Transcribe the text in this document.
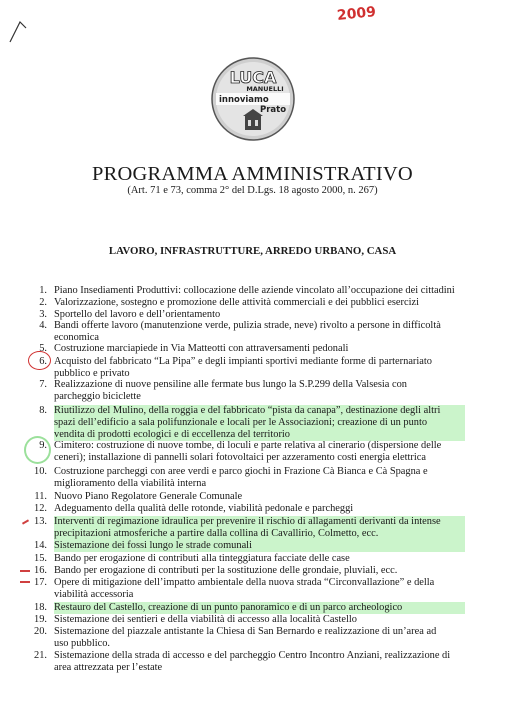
2009
LUCA
MANUELLI
innoviamo
Prato
PROGRAMMA AMMINISTRATIVO
(Art. 71 e 73, comma 2° del D.Lgs. 18 agosto 2000, n. 267)
LAVORO, INFRASTRUTTURE, ARREDO URBANO, CASA
1. Piano Insediamenti Produttivi: collocazione delle aziende vincolato all’occupazione dei cittadini
2. Valorizzazione, sostegno e promozione delle attività commerciali e dei pubblici esercizi
3. Sportello del lavoro e dell’orientamento
4. Bandi offerte lavoro (manutenzione verde, pulizia strade, neve) rivolto a persone in difficoltà
economica
5. Costruzione marciapiede in Via Matteotti con attraversamenti pedonali
6. Acquisto del fabbricato “La Pipa” e degli impianti sportivi mediante forme di parternariato
pubblico e privato
7. Realizzazione di nuove pensiline alle fermate bus lungo la S.P.299 della Valsesia con
parcheggio biciclette
8. Riutilizzo del Mulino, della roggia e del fabbricato “pista da canapa”, destinazione degli altri
spazi dell’edificio a sala polifunzionale e locali per le Associazioni; creazione di un punto
vendita di prodotti ecologici e di eccellenza del territorio
9. Cimitero: costruzione di nuove tombe, di loculi e parte relativa al cinerario (dispersione delle
ceneri); installazione di pannelli solari fotovoltaici per azzeramento costi energia elettrica
10. Costruzione parcheggi con aree verdi e parco giochi in Frazione Cà Bianca e Cà Spagna e
miglioramento della viabilità interna
11. Nuovo Piano Regolatore Generale Comunale
12. Adeguamento della qualità delle rotonde, viabilità pedonale e parcheggi
13. Interventi di regimazione idraulica per prevenire il rischio di allagamenti derivanti da intense
precipitazioni atmosferiche a partire dalla collina di Cavallirio, Colmetto, ecc.
14. Sistemazione dei fossi lungo le strade comunali
15. Bando per erogazione di contributi alla tinteggiatura facciate delle case
16. Bando per erogazione di contributi per la sostituzione delle grondaie, pluviali, ecc.
17. Opere di mitigazione dell’impatto ambientale della nuova strada “Circonvallazione” e della
viabilità accessoria
18. Restauro del Castello, creazione di un punto panoramico e di un parco archeologico
19. Sistemazione dei sentieri e della viabilità di accesso alla località Castello
20. Sistemazione del piazzale antistante la Chiesa di San Bernardo e realizzazione di un’area ad
uso pubblico.
21. Sistemazione della strada di accesso e del parcheggio Centro Incontro Anziani, realizzazione di
area attrezzata per l’estate
